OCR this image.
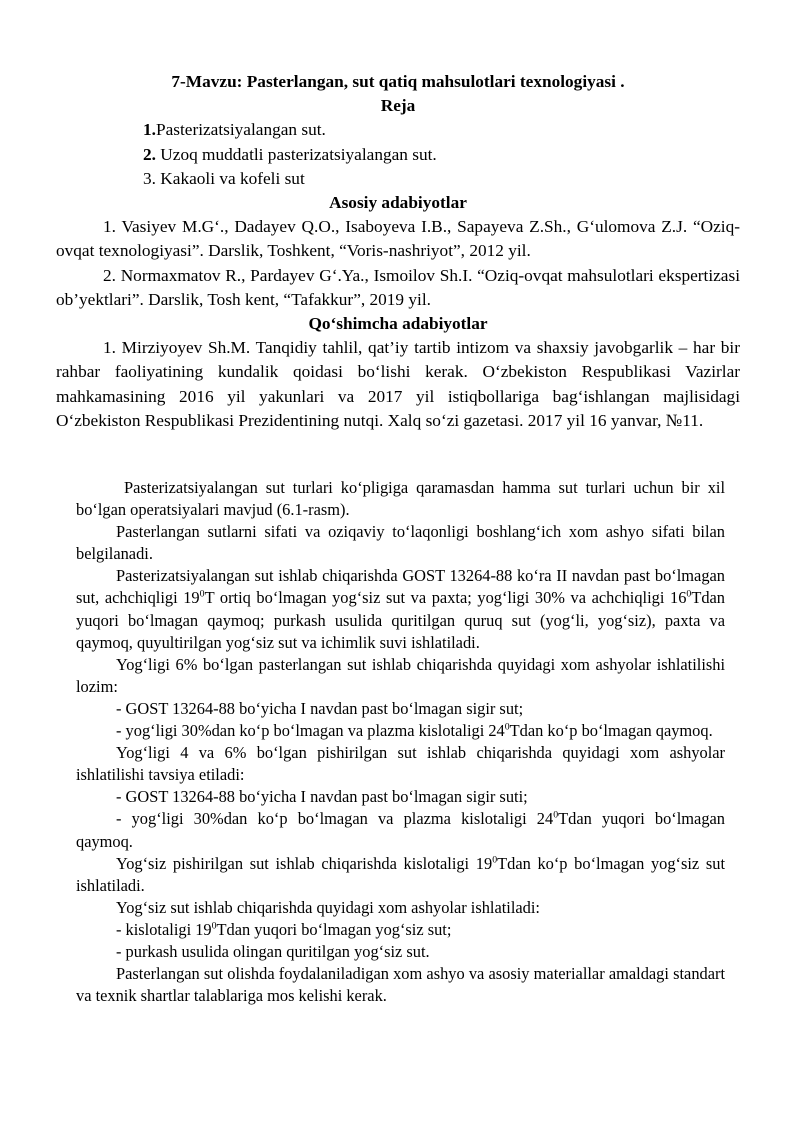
7-Mavzu: Pasterlangan, sut qatiq mahsulotlari texnologiyasi .

Reja

1.Pasterizatsiyalangan sut.

2. Uzoq muddatli pasterizatsiyalangan sut.

3. Kakaoli va kofeli sut

Asosiy adabiyotlar

1. Vasiyev M.G‘., Dadayev Q.O., Isaboyeva I.B., Sapayeva Z.Sh., G‘ulomova Z.J. “Oziq-ovqat texnologiyasi”. Darslik, Toshkent, “Voris-nashriyot”, 2012 yil.

2. Normaxmatov R., Pardayev G‘.Ya., Ismoilov Sh.I. “Oziq-ovqat mahsulotlari ekspertizasi ob’yektlari”. Darslik, Tosh kent, “Tafakkur”, 2019 yil.

Qo‘shimcha adabiyotlar

1. Mirziyoyev Sh.M. Tanqidiy tahlil, qat’iy tartib intizom va shaxsiy javobgarlik – har bir rahbar faoliyatining kundalik qoidasi bo‘lishi kerak. O‘zbekiston Respublikasi Vazirlar mahkamasining 2016 yil yakunlari va 2017 yil istiqbollariga bag‘ishlangan majlisidagi O‘zbekiston Respublikasi Prezidentining nutqi. Xalq so‘zi gazetasi. 2017 yil 16 yanvar, №11.

Pasterizatsiyalangan sut turlari ko‘pligiga qaramasdan hamma sut turlari uchun bir xil bo‘lgan operatsiyalari mavjud (6.1-rasm).

Pasterlangan sutlarni sifati va oziqaviy to‘laqonligi boshlang‘ich xom ashyo sifati bilan belgilanadi.

Pasterizatsiyalangan sut ishlab chiqarishda GOST 13264-88 ko‘ra II navdan past bo‘lmagan sut, achchiqligi $19^0T$ ortiq bo‘lmagan yog‘siz sut va paxta; yog‘ligi 30% va achchiqligi $16^0Tdan$ yuqori bo‘lmagan qaymoq; purkash usulida quritilgan quruq sut (yog‘li, yog‘siz), paxta va qaymoq, quyultirilgan yog‘siz sut va ichimlik suvi ishlatiladi.

Yog‘ligi 6% bo‘lgan pasterlangan sut ishlab chiqarishda quyidagi xom ashyolar ishlatilishi lozim:

- GOST 13264-88 bo‘yicha I navdan past bo‘lmagan sigir sut;

- yog‘ligi 30%dan ko‘p bo‘lmagan va plazma kislotaligi $24^0Tdan$ ko‘p bo‘lmagan qaymoq.

Yog‘ligi 4 va 6% bo‘lgan pishirilgan sut ishlab chiqarishda quyidagi xom ashyolar ishlatilishi tavsiya etiladi:

- GOST 13264-88 bo‘yicha I navdan past bo‘lmagan sigir suti;

- yog‘ligi 30%dan ko‘p bo‘lmagan va plazma kislotaligi $24^0Tdan$ yuqori bo‘lmagan qaymoq.

Yog‘siz pishirilgan sut ishlab chiqarishda kislotaligi $19^0Tdan$ ko‘p bo‘lmagan yog‘siz sut ishlatiladi.

Yog‘siz sut ishlab chiqarishda quyidagi xom ashyolar ishlatiladi:

- kislotaligi $19^0Tdan$ yuqori bo‘lmagan yog‘siz sut;

- purkash usulida olingan quritilgan yog‘siz sut.

Pasterlangan sut olishda foydalaniladigan xom ashyo va asosiy materiallar amaldagi standart va texnik shartlar talablariga mos kelishi kerak.
